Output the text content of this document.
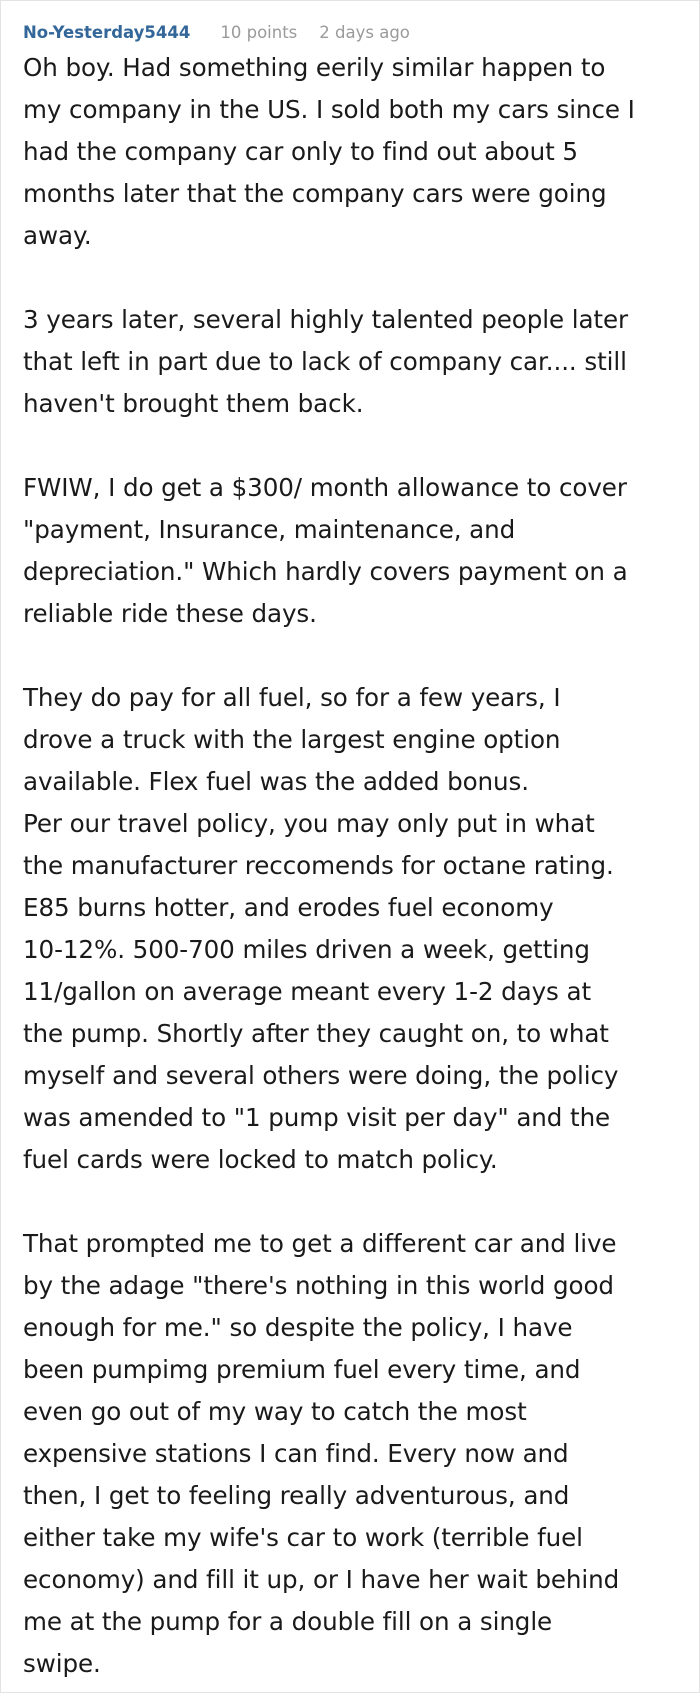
No-Yesterday5444 10 points 2 days ago

Oh boy. Had something eerily similar happen to
my company in the US. I sold both my cars since I
had the company car only to find out about 5
months later that the company cars were going
away.

3 years later, several highly talented people later
that left in part due to lack of company car.... still
haven't brought them back.

FWIW, I do get a $300/ month allowance to cover
"payment, Insurance, maintenance, and
depreciation." Which hardly covers payment on a
reliable ride these days.

They do pay for all fuel, so for a few years, I
drove a truck with the largest engine option
available. Flex fuel was the added bonus.

Per our travel policy, you may only put in what
the manufacturer reccomends for octane rating.
E85 burns hotter, and erodes fuel economy
10-12%. 500-700 miles driven a week, getting
11/gallon on average meant every 1-2 days at
the pump. Shortly after they caught on, to what
myself and several others were doing, the policy
was amended to "1 pump visit per day" and the
fuel cards were locked to match policy.

That prompted me to get a different car and live
by the adage "there's nothing in this world good
enough for me." so despite the policy, I have
been pumpimg premium fuel every time, and
even go out of my way to catch the most
expensive stations I can find. Every now and
then, I get to feeling really adventurous, and
either take my wife's car to work (terrible fuel
economy) and fill it up, or I have her wait behind
me at the pump for a double fill on a single
swipe.
